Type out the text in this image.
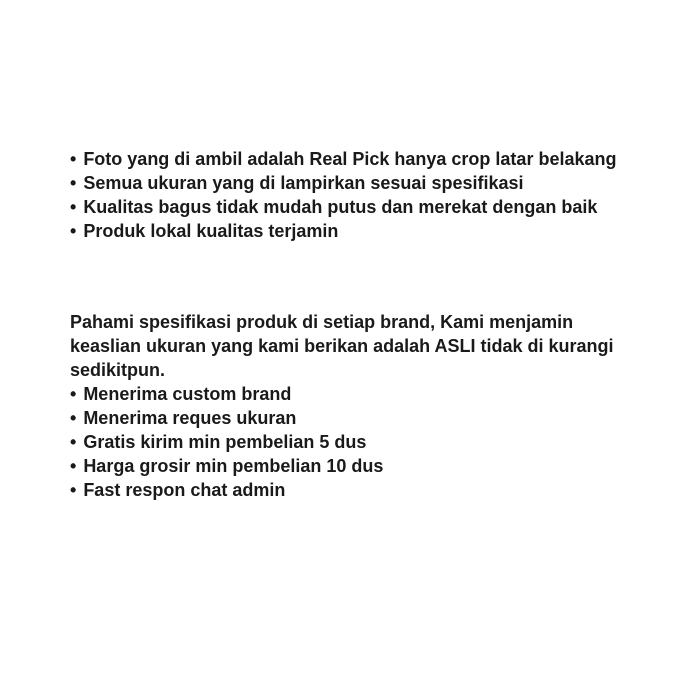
• Foto yang di ambil adalah Real Pick hanya crop latar belakang
• Semua ukuran yang di lampirkan sesuai spesifikasi
• Kualitas bagus tidak mudah putus dan merekat dengan baik
• Produk lokal kualitas terjamin
Pahami spesifikasi produk di setiap brand, Kami menjamin
keaslian ukuran yang kami berikan adalah ASLI tidak di kurangi
sedikitpun.
• Menerima custom brand
• Menerima reques ukuran
• Gratis kirim min pembelian 5 dus
• Harga grosir min pembelian 10 dus
• Fast respon chat admin
